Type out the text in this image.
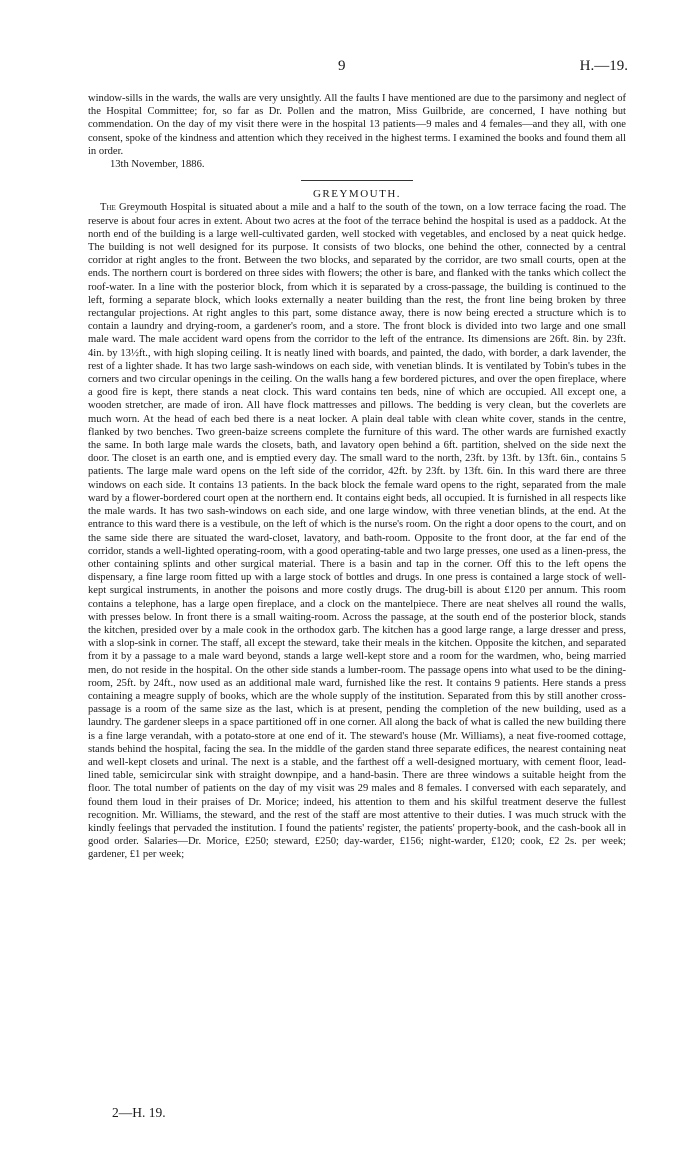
9	H.—19.

window-sills in the wards, the walls are very unsightly. All the faults I have mentioned are due to the parsimony and neglect of the Hospital Committee; for, so far as Dr. Pollen and the matron, Miss Guilbride, are concerned, I have nothing but commendation. On the day of my visit there were in the hospital 13 patients—9 males and 4 females—and they all, with one consent, spoke of the kindness and attention which they received in the highest terms. I examined the books and found them all in order.

13th November, 1886.

GREYMOUTH.

The Greymouth Hospital is situated about a mile and a half to the south of the town, on a low terrace facing the road. The reserve is about four acres in extent. About two acres at the foot of the terrace behind the hospital is used as a paddock. At the north end of the building is a large well-cultivated garden, well stocked with vegetables, and enclosed by a neat quick hedge. The building is not well designed for its purpose. It consists of two blocks, one behind the other, connected by a central corridor at right angles to the front. Between the two blocks, and separated by the corridor, are two small courts, open at the ends. The northern court is bordered on three sides with flowers; the other is bare, and flanked with the tanks which collect the roof-water. In a line with the posterior block, from which it is separated by a cross-passage, the building is continued to the left, forming a separate block, which looks externally a neater building than the rest, the front line being broken by three rectangular projections. At right angles to this part, some distance away, there is now being erected a structure which is to contain a laundry and drying-room, a gardener's room, and a store. The front block is divided into two large and one small male ward. The male accident ward opens from the corridor to the left of the entrance. Its dimensions are 26ft. 8in. by 23ft. 4in. by 13½ft., with high sloping ceiling. It is neatly lined with boards, and painted, the dado, with border, a dark lavender, the rest of a lighter shade. It has two large sash-windows on each side, with venetian blinds. It is ventilated by Tobin's tubes in the corners and two circular openings in the ceiling. On the walls hang a few bordered pictures, and over the open fireplace, where a good fire is kept, there stands a neat clock. This ward contains ten beds, nine of which are occupied. All except one, a wooden stretcher, are made of iron. All have flock mattresses and pillows. The bedding is very clean, but the coverlets are much worn. At the head of each bed there is a neat locker. A plain deal table with clean white cover, stands in the centre, flanked by two benches. Two green-baize screens complete the furniture of this ward. The other wards are furnished exactly the same. In both large male wards the closets, bath, and lavatory open behind a 6ft. partition, shelved on the side next the door. The closet is an earth one, and is emptied every day. The small ward to the north, 23ft. by 13ft. by 13ft. 6in., contains 5 patients. The large male ward opens on the left side of the corridor, 42ft. by 23ft. by 13ft. 6in. In this ward there are three windows on each side. It contains 13 patients. In the back block the female ward opens to the right, separated from the male ward by a flower-bordered court open at the northern end. It contains eight beds, all occupied. It is furnished in all respects like the male wards. It has two sash-windows on each side, and one large window, with three venetian blinds, at the end. At the entrance to this ward there is a vestibule, on the left of which is the nurse's room. On the right a door opens to the court, and on the same side there are situated the ward-closet, lavatory, and bath-room. Opposite to the front door, at the far end of the corridor, stands a well-lighted operating-room, with a good operating-table and two large presses, one used as a linen-press, the other containing splints and other surgical material. There is a basin and tap in the corner. Off this to the left opens the dispensary, a fine large room fitted up with a large stock of bottles and drugs. In one press is contained a large stock of well-kept surgical instruments, in another the poisons and more costly drugs. The drug-bill is about £120 per annum. This room contains a telephone, has a large open fireplace, and a clock on the mantelpiece. There are neat shelves all round the walls, with presses below. In front there is a small waiting-room. Across the passage, at the south end of the posterior block, stands the kitchen, presided over by a male cook in the orthodox garb. The kitchen has a good large range, a large dresser and press, with a slop-sink in corner. The staff, all except the steward, take their meals in the kitchen. Opposite the kitchen, and separated from it by a passage to a male ward beyond, stands a large well-kept store and a room for the wardmen, who, being married men, do not reside in the hospital. On the other side stands a lumber-room. The passage opens into what used to be the dining-room, 25ft. by 24ft., now used as an additional male ward, furnished like the rest. It contains 9 patients. Here stands a press containing a meagre supply of books, which are the whole supply of the institution. Separated from this by still another cross-passage is a room of the same size as the last, which is at present, pending the completion of the new building, used as a laundry. The gardener sleeps in a space partitioned off in one corner. All along the back of what is called the new building there is a fine large verandah, with a potato-store at one end of it. The steward's house (Mr. Williams), a neat five-roomed cottage, stands behind the hospital, facing the sea. In the middle of the garden stand three separate edifices, the nearest containing neat and well-kept closets and urinal. The next is a stable, and the farthest off a well-designed mortuary, with cement floor, lead-lined table, semicircular sink with straight downpipe, and a hand-basin. There are three windows a suitable height from the floor. The total number of patients on the day of my visit was 29 males and 8 females. I conversed with each separately, and found them loud in their praises of Dr. Morice; indeed, his attention to them and his skilful treatment deserve the fullest recognition. Mr. Williams, the steward, and the rest of the staff are most attentive to their duties. I was much struck with the kindly feelings that pervaded the institution. I found the patients' register, the patients' property-book, and the cash-book all in good order. Salaries—Dr. Morice, £250; steward, £250; day-warder, £156; night-warder, £120; cook, £2 2s. per week; gardener, £1 per week;

2—H. 19.
